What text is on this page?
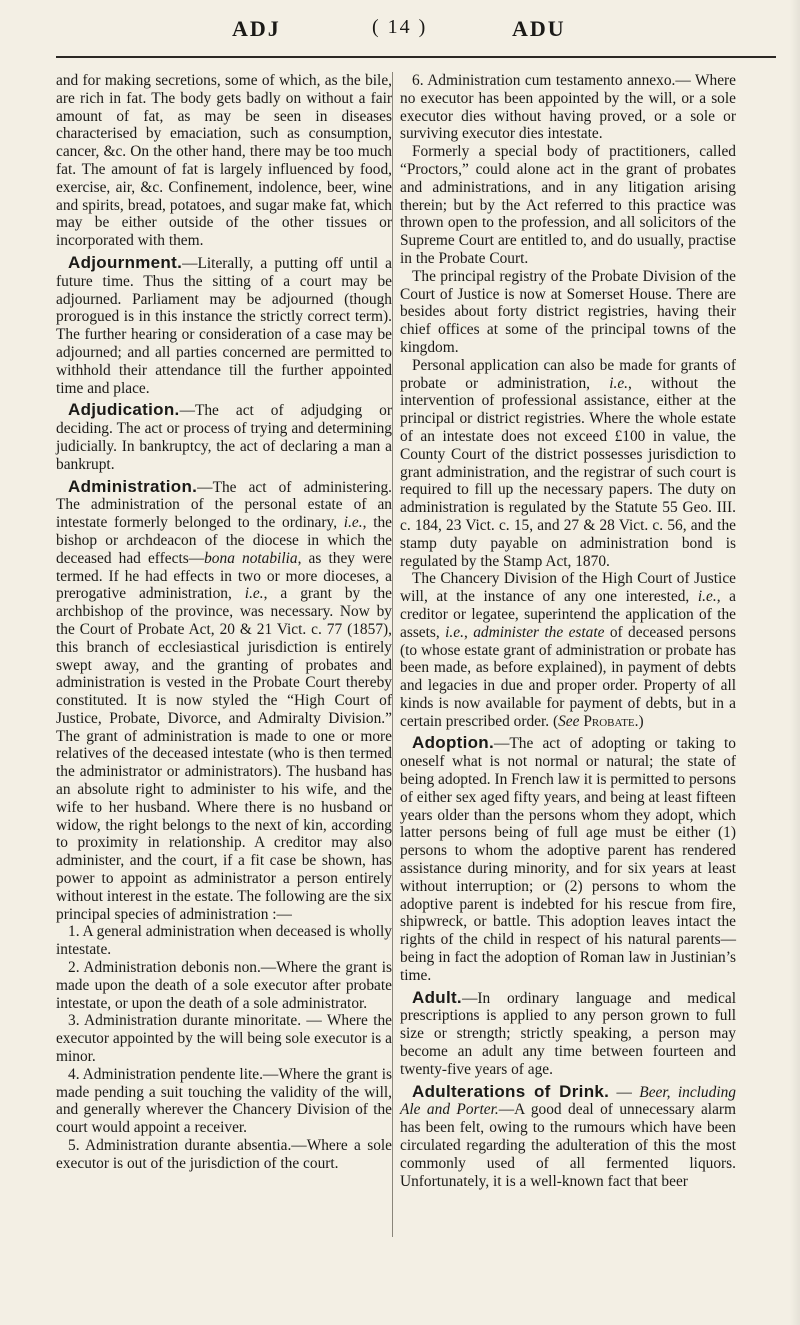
ADJ	( 14 )	ADU

and for making secretions, some of which, as the bile, are rich in fat. The body gets badly on without a fair amount of fat, as may be seen in diseases characterised by emaciation, such as consumption, cancer, &c. On the other hand, there may be too much fat. The amount of fat is largely influenced by food, exercise, air, &c. Confinement, indolence, beer, wine and spirits, bread, potatoes, and sugar make fat, which may be either outside of the other tissues or incorporated with them.

Adjournment.—Literally, a putting off until a future time. Thus the sitting of a court may be adjourned. Parliament may be adjourned (though prorogued is in this instance the strictly correct term). The further hearing or consideration of a case may be adjourned; and all parties concerned are permitted to withhold their attendance till the further appointed time and place.

Adjudication.—The act of adjudging or deciding. The act or process of trying and determining judicially. In bankruptcy, the act of declaring a man a bankrupt.

Administration.—The act of administering. The administration of the personal estate of an intestate formerly belonged to the ordinary, i.e., the bishop or archdeacon of the diocese in which the deceased had effects—bona notabilia, as they were termed. If he had effects in two or more dioceses, a prerogative administration, i.e., a grant by the archbishop of the province, was necessary. Now by the Court of Probate Act, 20 & 21 Vict. c. 77 (1857), this branch of ecclesiastical jurisdiction is entirely swept away, and the granting of probates and administration is vested in the Probate Court thereby constituted. It is now styled the “High Court of Justice, Probate, Divorce, and Admiralty Division.” The grant of administration is made to one or more relatives of the deceased intestate (who is then termed the administrator or administrators). The husband has an absolute right to administer to his wife, and the wife to her husband. Where there is no husband or widow, the right belongs to the next of kin, according to proximity in relationship. A creditor may also administer, and the court, if a fit case be shown, has power to appoint as administrator a person entirely without interest in the estate. The following are the six principal species of administration :—

1. A general administration when deceased is wholly intestate.

2. Administration debonis non.—Where the grant is made upon the death of a sole executor after probate intestate, or upon the death of a sole administrator.

3. Administration durante minoritate. — Where the executor appointed by the will being sole executor is a minor.

4. Administration pendente lite.—Where the grant is made pending a suit touching the validity of the will, and generally wherever the Chancery Division of the court would appoint a receiver.

5. Administration durante absentia.—Where a sole executor is out of the jurisdiction of the court.

6. Administration cum testamento annexo.— Where no executor has been appointed by the will, or a sole executor dies without having proved, or a sole or surviving executor dies intestate.

Formerly a special body of practitioners, called “Proctors,” could alone act in the grant of probates and administrations, and in any litigation arising therein; but by the Act referred to this practice was thrown open to the profession, and all solicitors of the Supreme Court are entitled to, and do usually, practise in the Probate Court.

The principal registry of the Probate Division of the Court of Justice is now at Somerset House. There are besides about forty district registries, having their chief offices at some of the principal towns of the kingdom.

Personal application can also be made for grants of probate or administration, i.e., without the intervention of professional assistance, either at the principal or district registries. Where the whole estate of an intestate does not exceed £100 in value, the County Court of the district possesses jurisdiction to grant administration, and the registrar of such court is required to fill up the necessary papers. The duty on administration is regulated by the Statute 55 Geo. III. c. 184, 23 Vict. c. 15, and 27 & 28 Vict. c. 56, and the stamp duty payable on administration bond is regulated by the Stamp Act, 1870.

The Chancery Division of the High Court of Justice will, at the instance of any one interested, i.e., a creditor or legatee, superintend the application of the assets, i.e., administer the estate of deceased persons (to whose estate grant of administration or probate has been made, as before explained), in payment of debts and legacies in due and proper order. Property of all kinds is now available for payment of debts, but in a certain prescribed order. (See Probate.)

Adoption.—The act of adopting or taking to oneself what is not normal or natural; the state of being adopted. In French law it is permitted to persons of either sex aged fifty years, and being at least fifteen years older than the persons whom they adopt, which latter persons being of full age must be either (1) persons to whom the adoptive parent has rendered assistance during minority, and for six years at least without interruption; or (2) persons to whom the adoptive parent is indebted for his rescue from fire, shipwreck, or battle. This adoption leaves intact the rights of the child in respect of his natural parents—being in fact the adoption of Roman law in Justinian’s time.

Adult.—In ordinary language and medical prescriptions is applied to any person grown to full size or strength; strictly speaking, a person may become an adult any time between fourteen and twenty-five years of age.

Adulterations of Drink. — Beer, including Ale and Porter.—A good deal of unnecessary alarm has been felt, owing to the rumours which have been circulated regarding the adulteration of this the most commonly used of all fermented liquors. Unfortunately, it is a well-known fact that beer
